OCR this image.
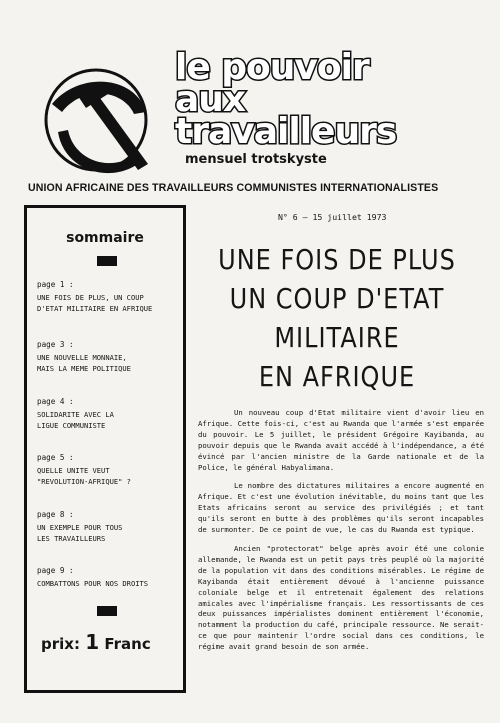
le pouvoir
aux
travailleurs
mensuel trotskyste
UNION AFRICAINE DES TRAVAILLEURS COMMUNISTES INTERNATIONALISTES
sommaire
page 1 :
UNE FOIS DE PLUS, UN COUP
D'ETAT MILITAIRE EN AFRIQUE
page 3 :
UNE NOUVELLE MONNAIE,
MAIS LA MEME POLITIQUE
page 4 :
SOLIDARITE AVEC LA
LIGUE COMMUNISTE
page 5 :
QUELLE UNITE VEUT
"REVOLUTION-AFRIQUE" ?
page 8 :
UN EXEMPLE POUR TOUS
LES TRAVAILLEURS
page 9 :
COMBATTONS POUR NOS DROITS
prix: 1 Franc
N° 6 — 15 juillet 1973
UNE FOIS DE PLUS
UN COUP D'ETAT
MILITAIRE
EN AFRIQUE

Un nouveau coup d'Etat militaire vient d'avoir lieu en Afrique. Cette fois-ci, c'est au Rwanda que l'armée s'est emparée du pouvoir. Le 5 juillet, le président Grégoire Kayibanda, au pouvoir depuis que le Rwanda avait accédé à l'indépendance, a été évincé par l'ancien ministre de la Garde nationale et de la Police, le général Habyalimana.

Le nombre des dictatures militaires a encore augmenté en Afrique. Et c'est une évolution inévitable, du moins tant que les Etats africains seront au service des privilégiés ; et tant qu'ils seront en butte à des problèmes qu'ils seront incapables de surmonter. De ce point de vue, le cas du Rwanda est typique.

Ancien "protectorat" belge après avoir été une colonie allemande, le Rwanda est un petit pays très peuplé où la majorité de la population vit dans des conditions misérables. Le régime de Kayibanda était entièrement dévoué à l'ancienne puissance coloniale belge et il entretenait également des relations amicales avec l'impérialisme français. Les ressortissants de ces deux puissances impérialistes dominent entièrement l'économie, notamment la production du café, principale ressource. Ne serait-ce que pour maintenir l'ordre social dans ces conditions, le régime avait grand besoin de son armée.
